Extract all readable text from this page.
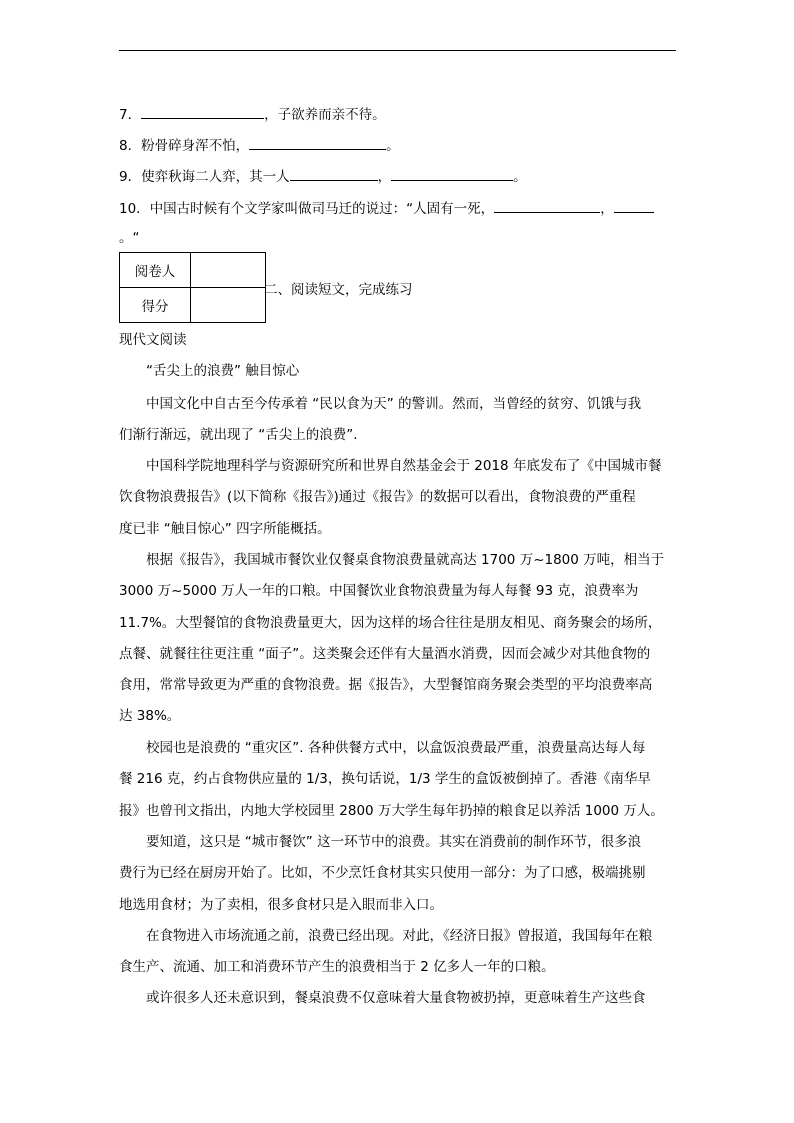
7．	，子欲养而亲不待。
8．粉骨碎身浑不怕，	。
9．使弈秋诲二人弈，其一人	，	。
10．中国古时候有个文学家叫做司马迁的说过：“人固有一死，	，
。“
阅卷人	
得分	
二、阅读短文，完成练习
现代文阅读
“舌尖上的浪费” 触目惊心
中国文化中自古至今传承着 “民以食为天” 的警训。然而，当曾经的贫穷、饥饿与我
们渐行渐远，就出现了 “舌尖上的浪费”.
中国科学院地理科学与资源研究所和世界自然基金会于 2018 年底发布了《中国城市餐
饮食物浪费报告》(以下简称《报告》)通过《报告》的数据可以看出，食物浪费的严重程
度已非 “触目惊心” 四字所能概括。
根据《报告》，我国城市餐饮业仅餐桌食物浪费量就高达 1700 万~1800 万吨，相当于
3000 万~5000 万人一年的口粮。中国餐饮业食物浪费量为每人每餐 93 克，浪费率为
11.7%。大型餐馆的食物浪费量更大，因为这样的场合往往是朋友相见、商务聚会的场所，
点餐、就餐往往更注重 “面子”。这类聚会还伴有大量酒水消费，因而会减少对其他食物的
食用，常常导致更为严重的食物浪费。据《报告》，大型餐馆商务聚会类型的平均浪费率高
达 38%。
校园也是浪费的 “重灾区”. 各种供餐方式中，以盒饭浪费最严重，浪费量高达每人每
餐 216 克，约占食物供应量的 1/3，换句话说，1/3 学生的盒饭被倒掉了。香港《南华早
报》也曾刊文指出，内地大学校园里 2800 万大学生每年扔掉的粮食足以养活 1000 万人。
要知道，这只是 “城市餐饮” 这一环节中的浪费。其实在消费前的制作环节，很多浪
费行为已经在厨房开始了。比如，不少烹饪食材其实只使用一部分：为了口感，极端挑剔
地选用食材；为了卖相，很多食材只是入眼而非入口。
在食物进入市场流通之前，浪费已经出现。对此，《经济日报》曾报道，我国每年在粮
食生产、流通、加工和消费环节产生的浪费相当于 2 亿多人一年的口粮。
或许很多人还未意识到，餐桌浪费不仅意味着大量食物被扔掉，更意味着生产这些食
